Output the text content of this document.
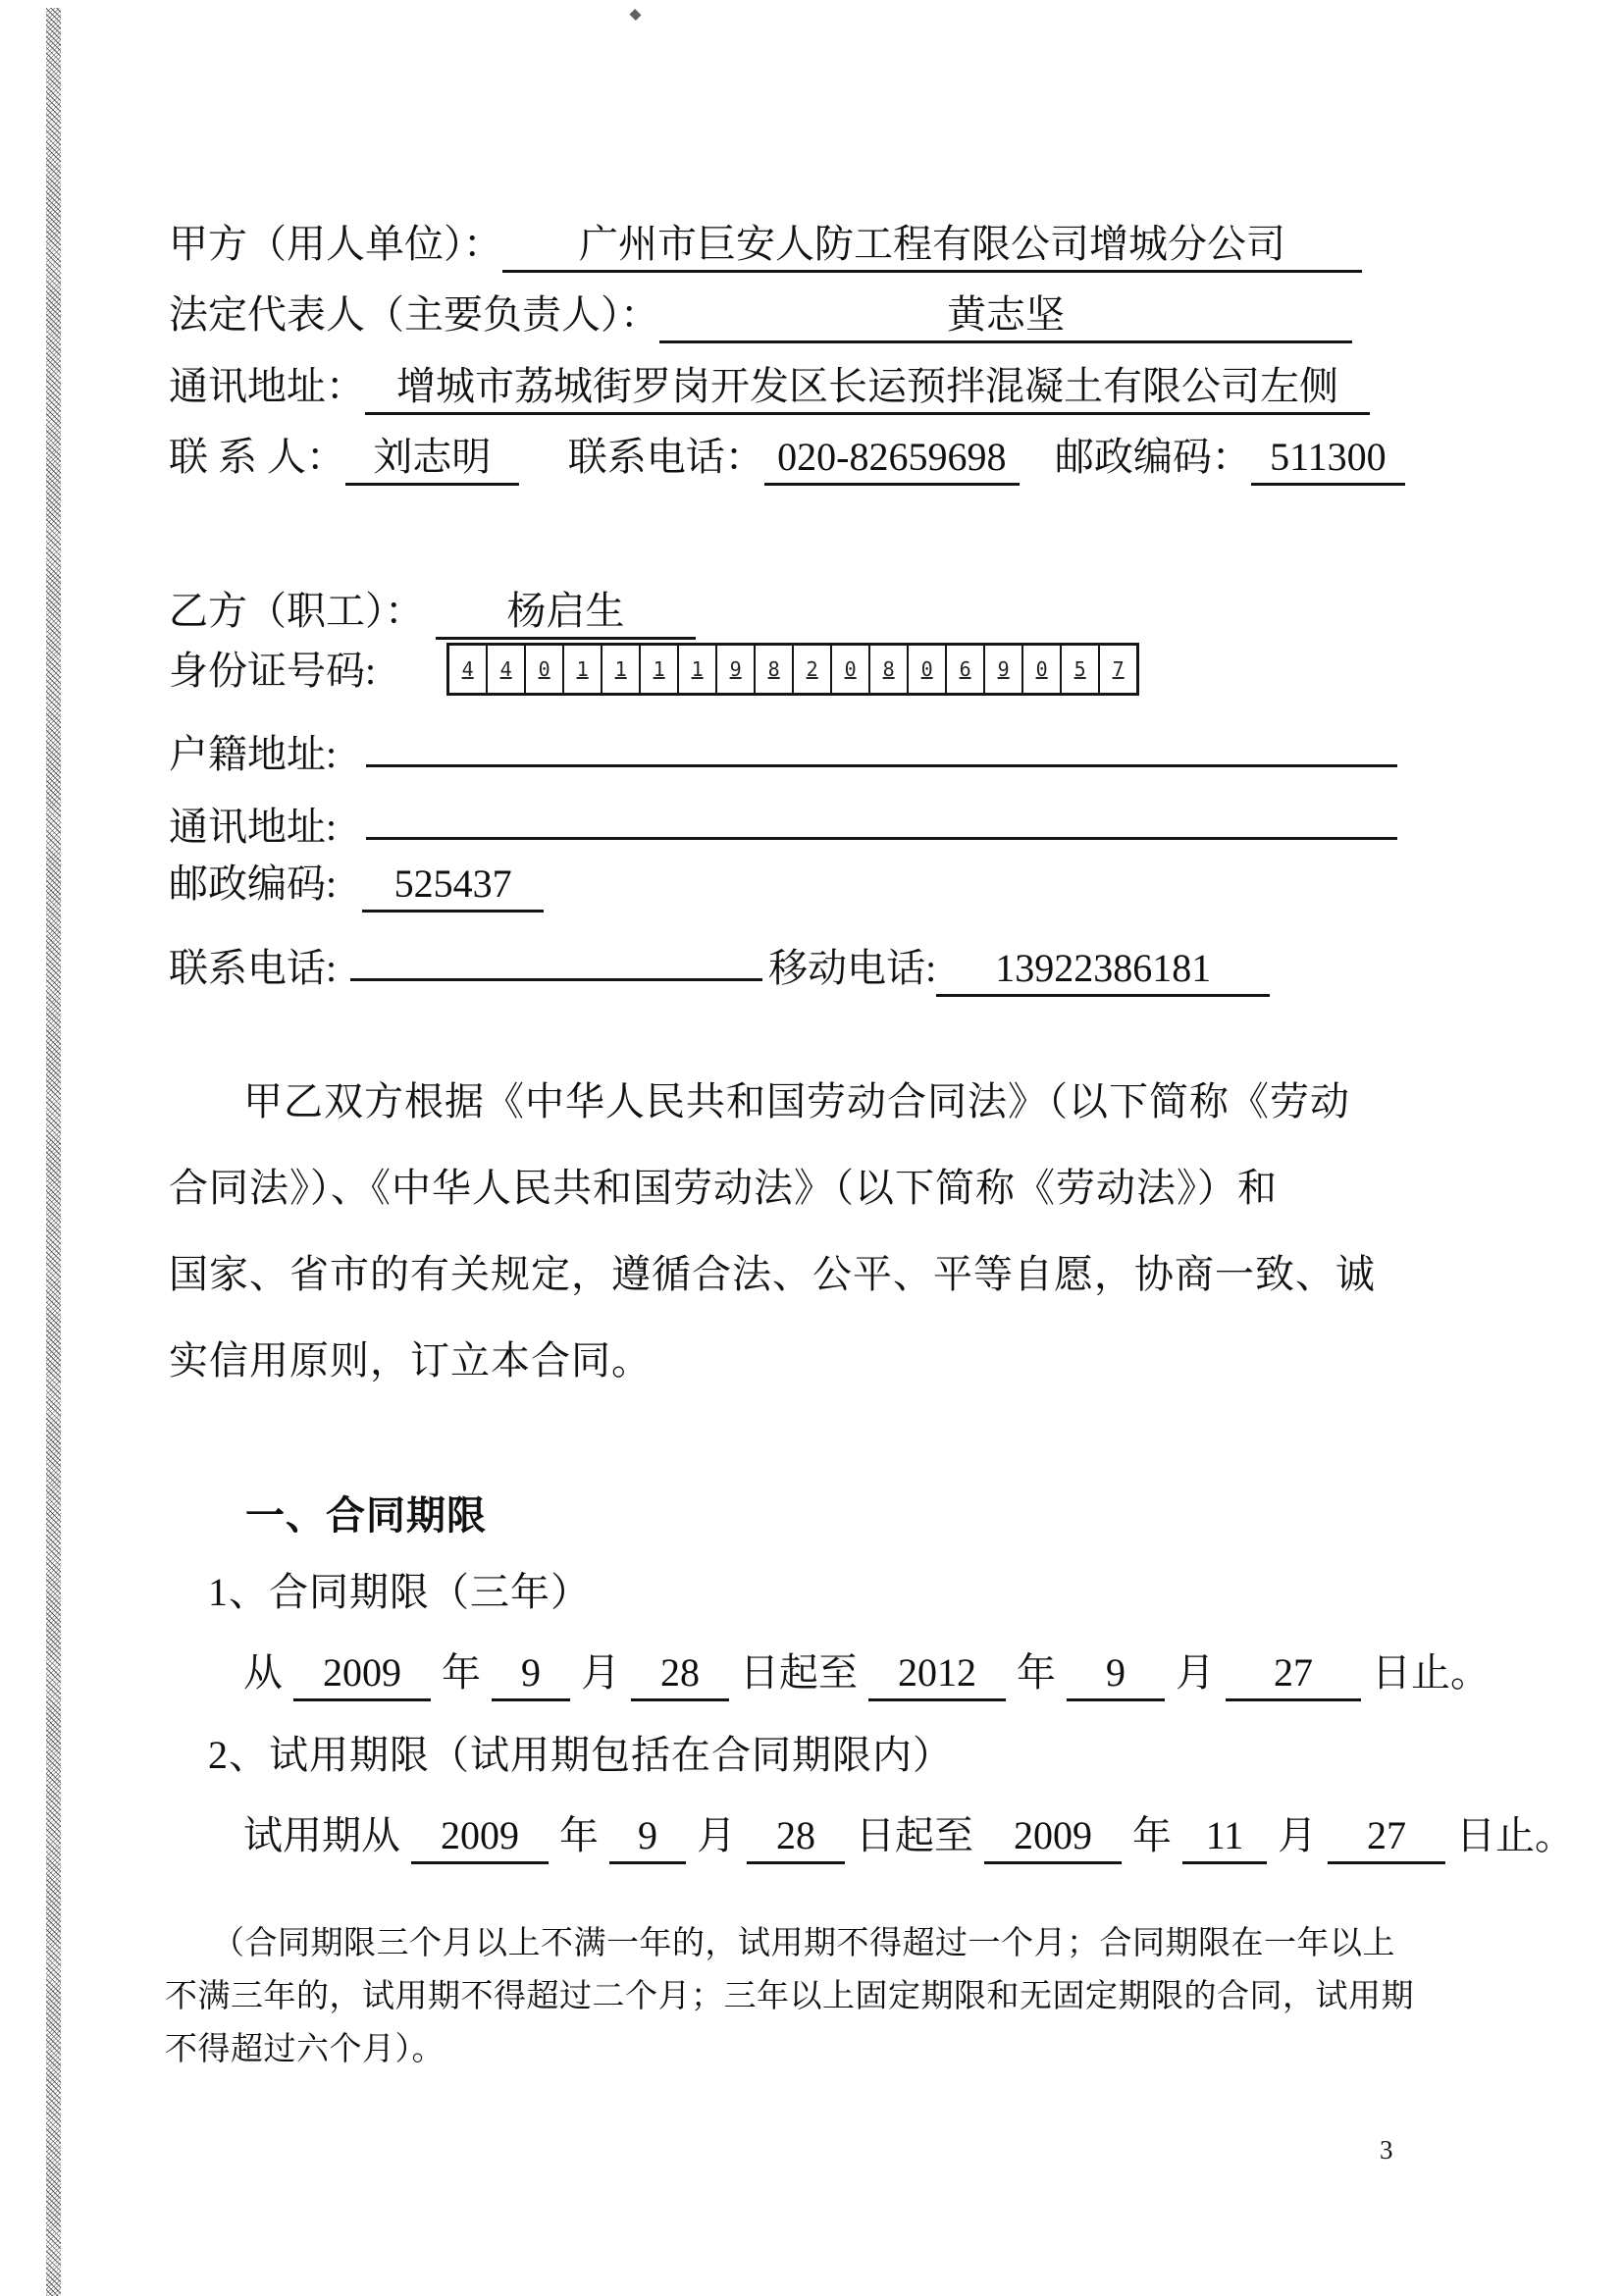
甲方（用人单位）：	广州市巨安人防工程有限公司增城分公司
法定代表人（主要负责人）：	黄志坚
通讯地址： 增城市荔城街罗岗开发区长运预拌混凝土有限公司左侧
联 系 人： 刘志明	联系电话： 020-82659698	邮政编码： 511300
乙方（职工）：	杨启生
身份证号码:	4	4	0	1	1	1	1	9	8	2	0	8	0	6	9	0	5	7
户籍地址:
通讯地址:
邮政编码:	525437
联系电话:	移动电话:	13922386181
甲乙双方根据《中华人民共和国劳动合同法》（以下简称《劳动
合同法》）、《中华人民共和国劳动法》（以下简称《劳动法》）和
国家、省市的有关规定，遵循合法、公平、平等自愿，协商一致、诚
实信用原则，订立本合同。
一、合同期限
1、合同期限（三年）
从	2009	年	9	月	28	日起至	2012	年	9	月	27	日止。
2、试用期限（试用期包括在合同期限内）
试用期从	2009	年	9	月	28	日起至	2009	年 11 月	27	日止。
（合同期限三个月以上不满一年的，试用期不得超过一个月；合同期限在一年以上
不满三年的，试用期不得超过二个月；三年以上固定期限和无固定期限的合同，试用期
不得超过六个月）。
3
